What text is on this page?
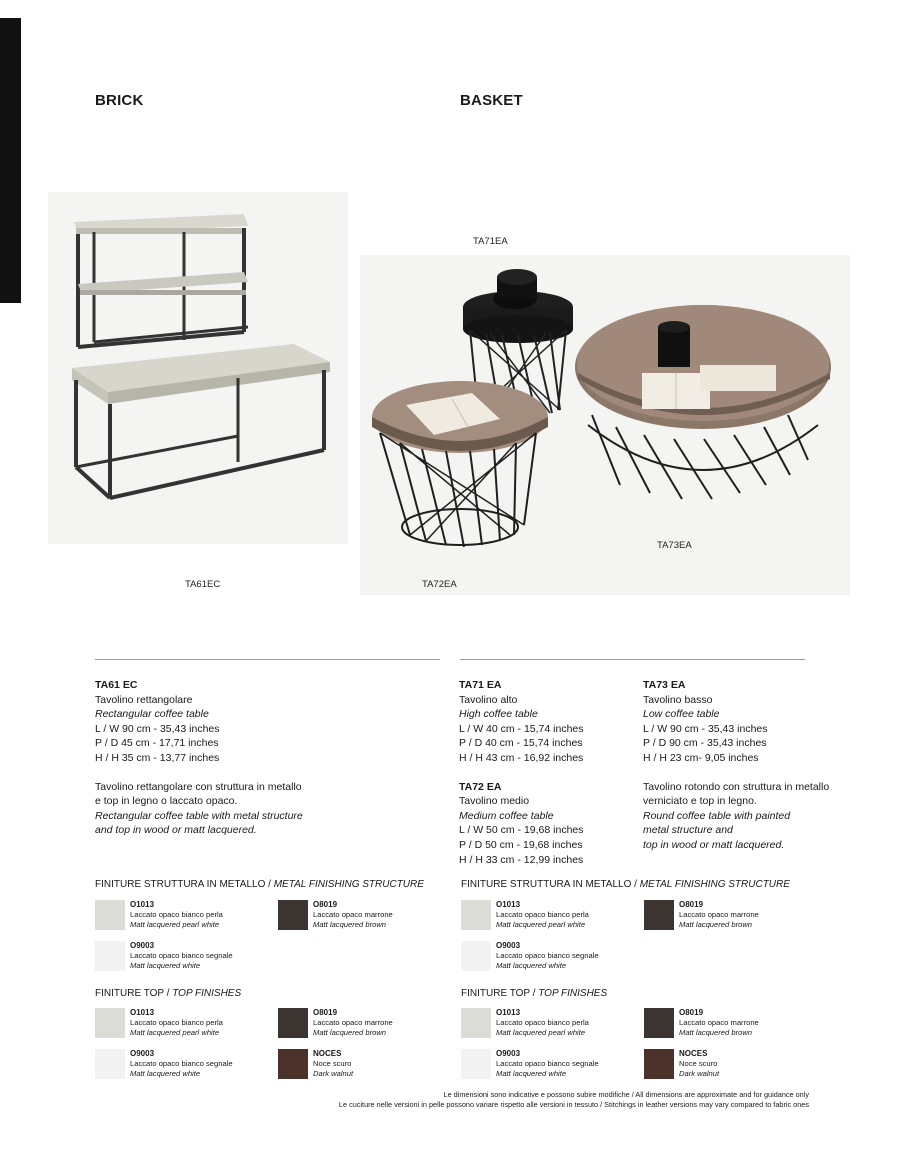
BRICK	BASKET
TA71EA
TA73EA
TA61EC	TA72EA
TA61 EC
Tavolino rettangolare
Rectangular coffee table
L / W 90 cm - 35,43 inches
P / D 45 cm - 17,71 inches
H / H 35 cm - 13,77 inches
Tavolino rettangolare con struttura in metallo
e top in legno o laccato opaco.
Rectangular coffee table with metal structure
and top in wood or matt lacquered.
TA71 EA
Tavolino alto
High coffee table
L / W 40 cm - 15,74 inches
P / D 40 cm - 15,74 inches
H / H 43 cm - 16,92 inches
TA72 EA
Tavolino medio
Medium coffee table
L / W 50 cm - 19,68 inches
P / D 50 cm - 19,68 inches
H / H 33 cm - 12,99 inches
TA73 EA
Tavolino basso
Low coffee table
L / W 90 cm - 35,43 inches
P / D 90 cm - 35,43 inches
H / H 23 cm- 9,05 inches
Tavolino rotondo con struttura in metallo
verniciato e top in legno.
Round coffee table with painted
metal structure and
top in wood or matt lacquered.
FINITURE STRUTTURA IN METALLO / METAL FINISHING STRUCTURE
O1013
Laccato opaco bianco perla
Matt lacquered pearl white
O8019
Laccato opaco marrone
Matt lacquered brown
O9003
Laccato opaco bianco segnale
Matt lacquered white
FINITURE TOP / TOP FINISHES
O1013
Laccato opaco bianco perla
Matt lacquered pearl white
O8019
Laccato opaco marrone
Matt lacquered brown
O9003
Laccato opaco bianco segnale
Matt lacquered white
NOCES
Noce scuro
Dark walnut
FINITURE STRUTTURA IN METALLO / METAL FINISHING STRUCTURE
O1013
Laccato opaco bianco perla
Matt lacquered pearl white
O8019
Laccato opaco marrone
Matt lacquered brown
O9003
Laccato opaco bianco segnale
Matt lacquered white
FINITURE TOP / TOP FINISHES
O1013
Laccato opaco bianco perla
Matt lacquered pearl white
O8019
Laccato opaco marrone
Matt lacquered brown
O9003
Laccato opaco bianco segnale
Matt lacquered white
NOCES
Noce scuro
Dark walnut
Le dimensioni sono indicative e possono subire modifiche / All dimensions are approximate and for guidance only
Le cuciture nelle versioni in pelle possono variare rispetto alle versioni in tessuto / Stitchings in leather versions may vary compared to fabric ones
